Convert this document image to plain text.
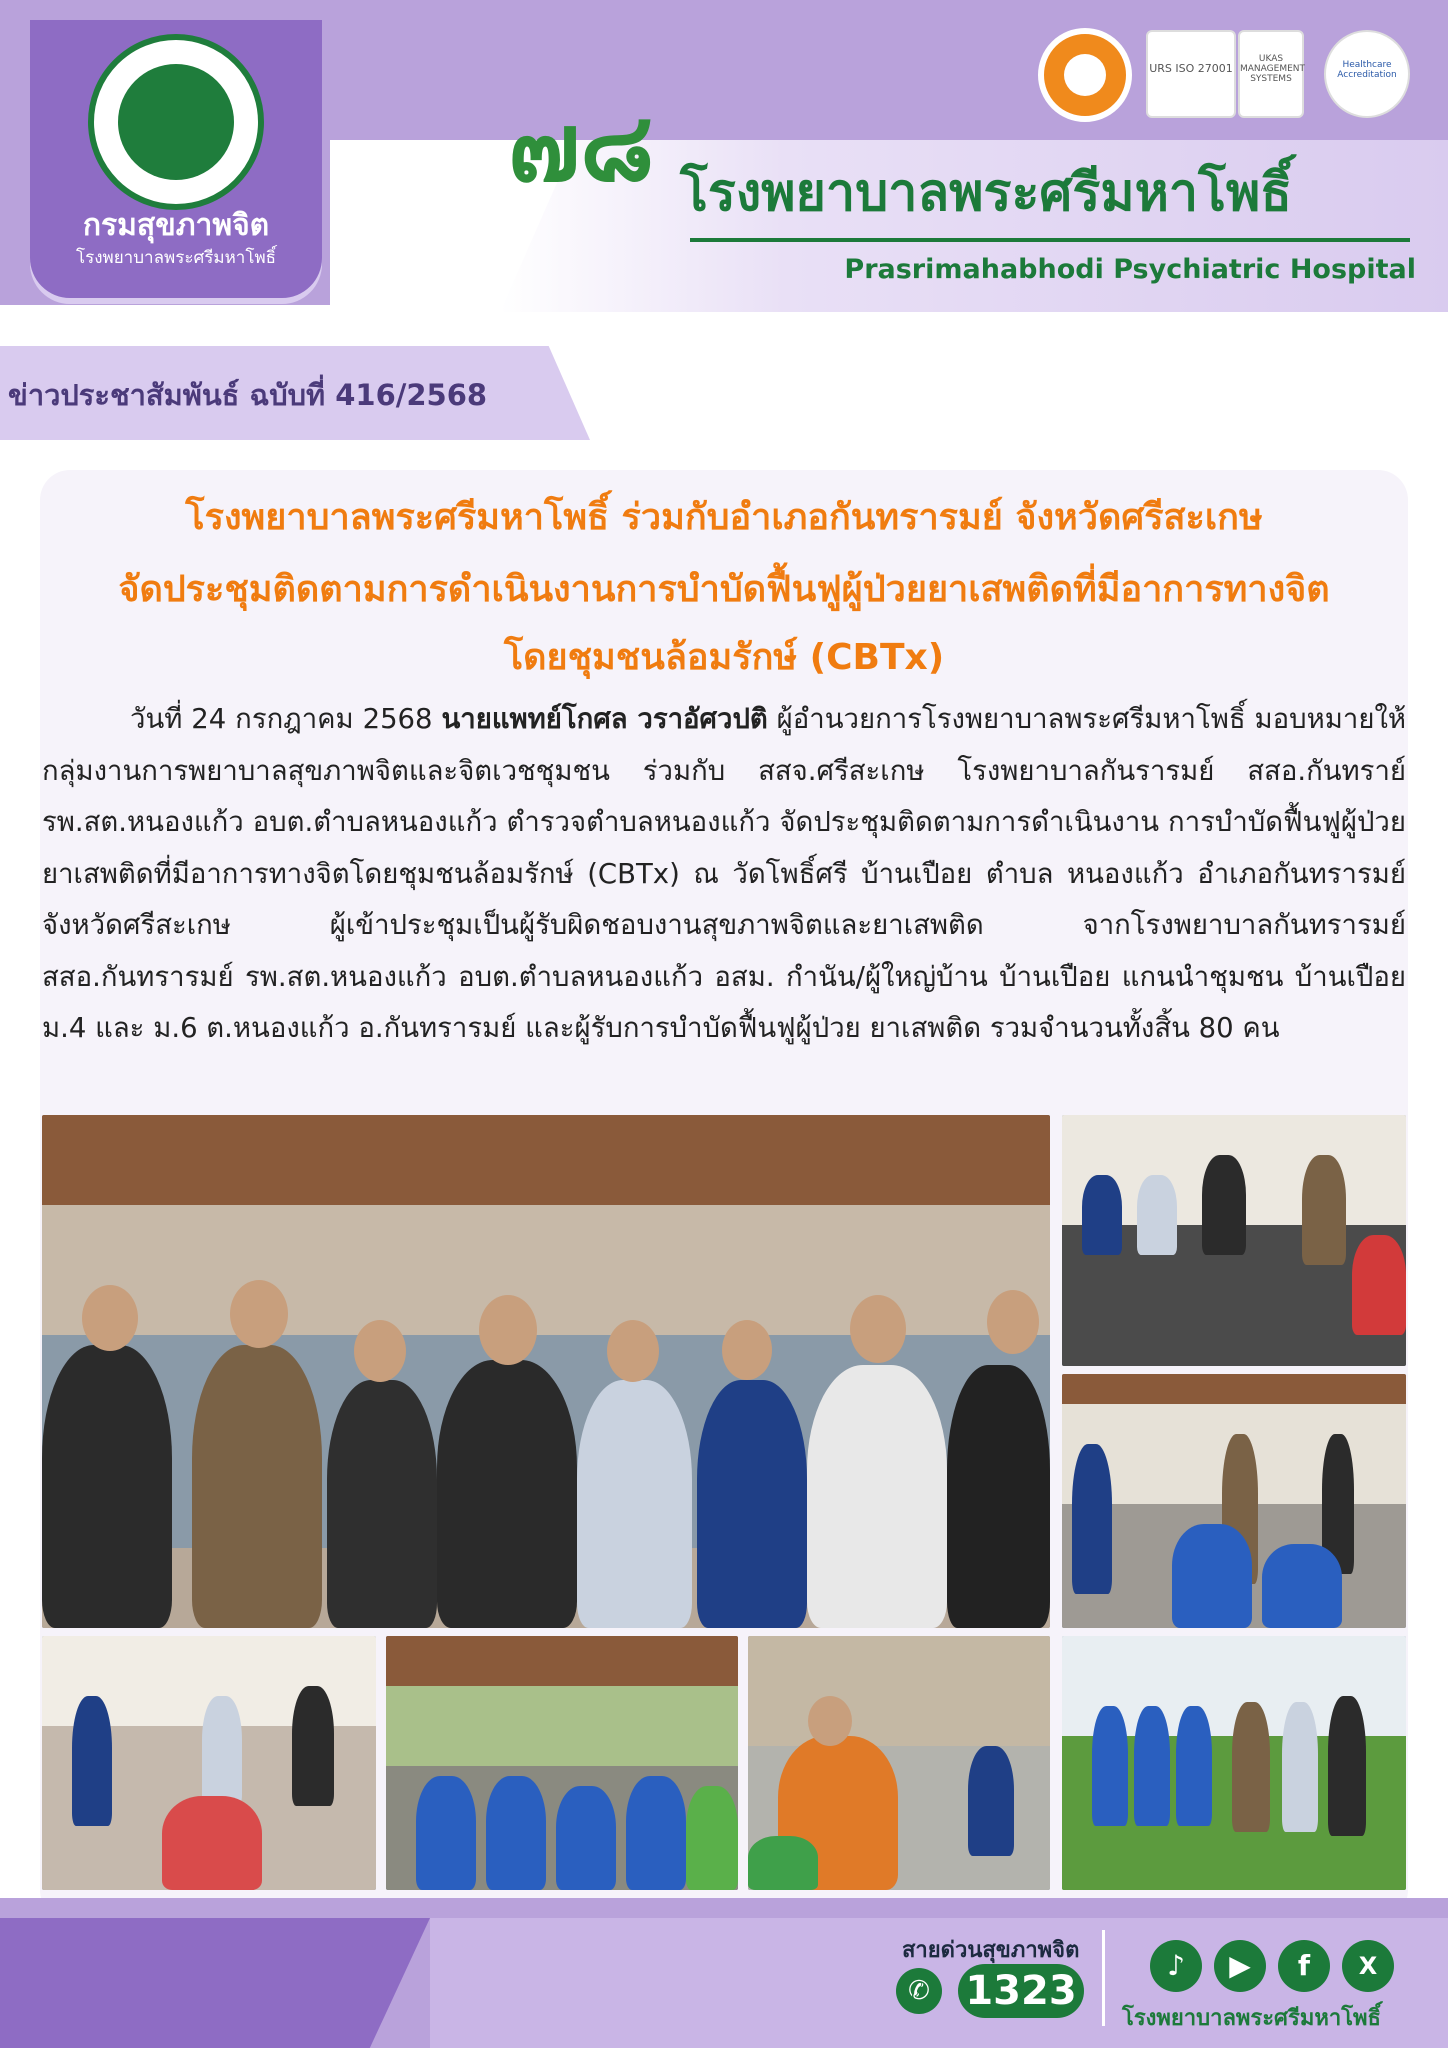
กรมสุขภาพจิต
โรงพยาบาลพระศรีมหาโพธิ์
๗๘ โรงพยาบาลพระศรีมหาโพธิ์
Prasrimahabhodi Psychiatric Hospital
URS ISO 27001
UKAS MANAGEMENT SYSTEMS
Healthcare Accreditation
ข่าวประชาสัมพันธ์ ฉบับที่ 416/2568
โรงพยาบาลพระศรีมหาโพธิ์ ร่วมกับอำเภอกันทรารมย์ จังหวัดศรีสะเกษ
จัดประชุมติดตามการดำเนินงานการบำบัดฟื้นฟูผู้ป่วยยาเสพติดที่มีอาการทางจิต
โดยชุมชนล้อมรักษ์ (CBTx)

วันที่ 24 กรกฎาคม 2568 นายแพทย์โกศล วราอัศวปติ ผู้อำนวยการโรงพยาบาลพระศรีมหาโพธิ์ มอบหมายให้กลุ่มงานการพยาบาลสุขภาพจิตและจิตเวชชุมชน ร่วมกับ สสจ.ศรีสะเกษ โรงพยาบาลกันรารมย์ สสอ.กันทราย์ รพ.สต.หนองแก้ว อบต.ตำบลหนองแก้ว ตำรวจตำบลหนองแก้ว จัดประชุมติดตามการดำเนินงาน การบำบัดฟื้นฟูผู้ป่วยยาเสพติดที่มีอาการทางจิตโดยชุมชนล้อมรักษ์ (CBTx) ณ วัดโพธิ์ศรี บ้านเปือย ตำบล หนองแก้ว อำเภอกันทรารมย์ จังหวัดศรีสะเกษ ผู้เข้าประชุมเป็นผู้รับผิดชอบงานสุขภาพจิตและยาเสพติด จากโรงพยาบาลกันทรารมย์ สสอ.กันทรารมย์ รพ.สต.หนองแก้ว อบต.ตำบลหนองแก้ว อสม. กำนัน/ผู้ใหญ่บ้าน บ้านเปือย แกนนำชุมชน บ้านเปือย ม.4 และ ม.6 ต.หนองแก้ว อ.กันทรารมย์ และผู้รับการบำบัดฟื้นฟูผู้ป่วย ยาเสพติด รวมจำนวนทั้งสิ้น 80 คน

สายด่วนสุขภาพจิต
✆ 1323
♪	▶	f	X
โรงพยาบาลพระศรีมหาโพธิ์
